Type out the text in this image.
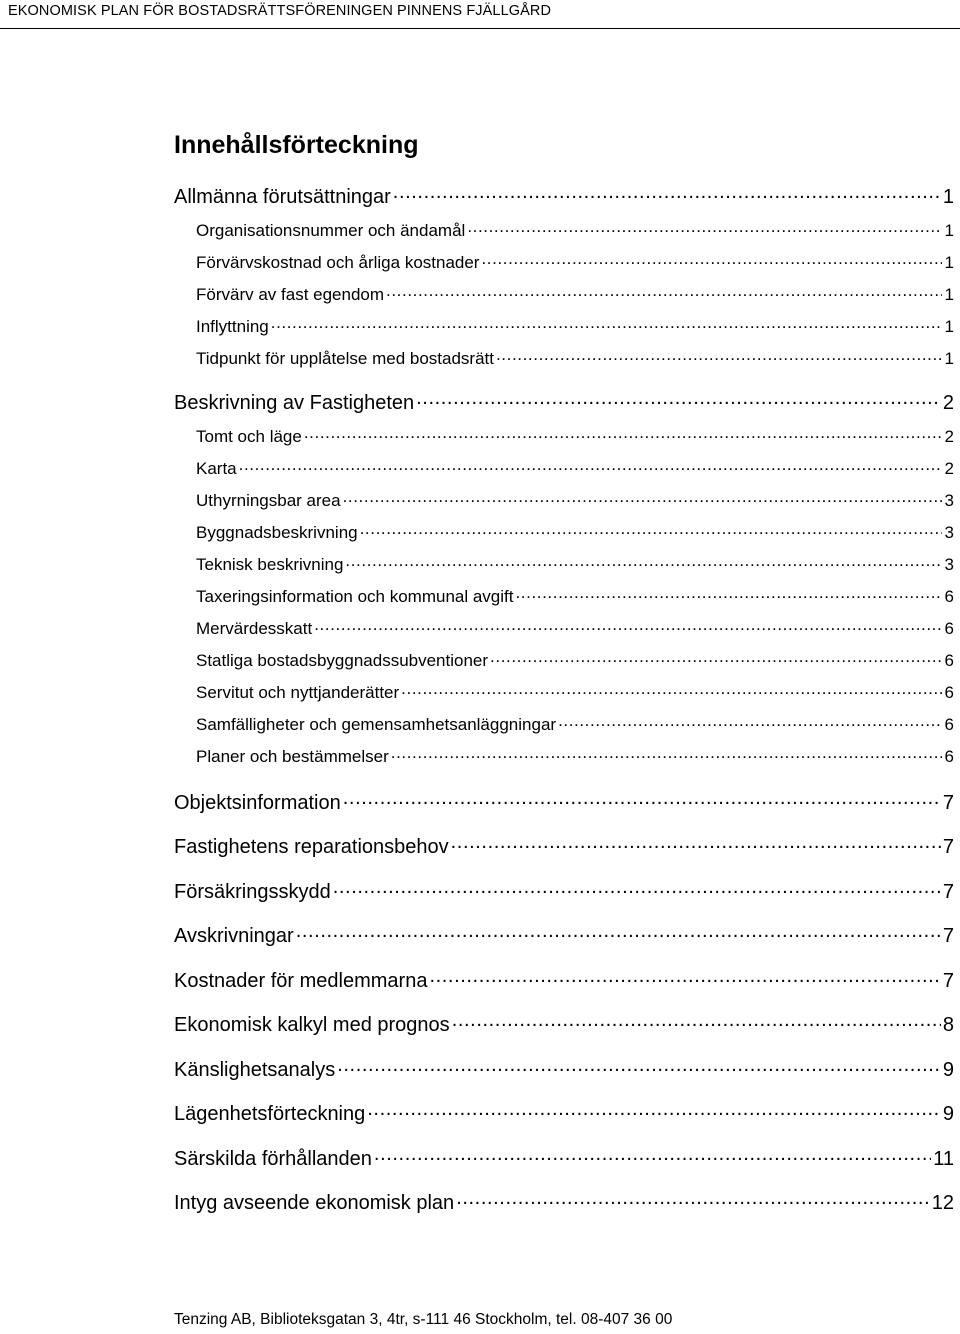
EKONOMISK PLAN FÖR BOSTADSRÄTTSFÖRENINGEN PINNENS FJÄLLGÅRD
Innehållsförteckning
Allmänna förutsättningar .....	1
Organisationsnummer och ändamål .....	1
Förvärvskostnad och årliga kostnader .....	1
Förvärv av fast egendom .....	1
Inflyttning .....	1
Tidpunkt för upplåtelse med bostadsrätt .....	1
Beskrivning av Fastigheten .....	2
Tomt och läge .....	2
Karta .....	2
Uthyrningsbar area .....	3
Byggnadsbeskrivning .....	3
Teknisk beskrivning .....	3
Taxeringsinformation och kommunal avgift .....	6
Mervärdesskatt .....	6
Statliga bostadsbyggnadssubventioner .....	6
Servitut och nyttjanderätter .....	6
Samfälligheter och gemensamhetsanläggningar .....	6
Planer och bestämmelser .....	6
Objektsinformation .....	7
Fastighetens reparationsbehov .....	7
Försäkringsskydd .....	7
Avskrivningar .....	7
Kostnader för medlemmarna .....	7
Ekonomisk kalkyl med prognos .....	8
Känslighetsanalys .....	9
Lägenhetsförteckning .....	9
Särskilda förhållanden .....	11
Intyg avseende ekonomisk plan .....	12
Tenzing AB, Biblioteksgatan 3, 4tr, s-111 46 Stockholm, tel. 08-407 36 00
